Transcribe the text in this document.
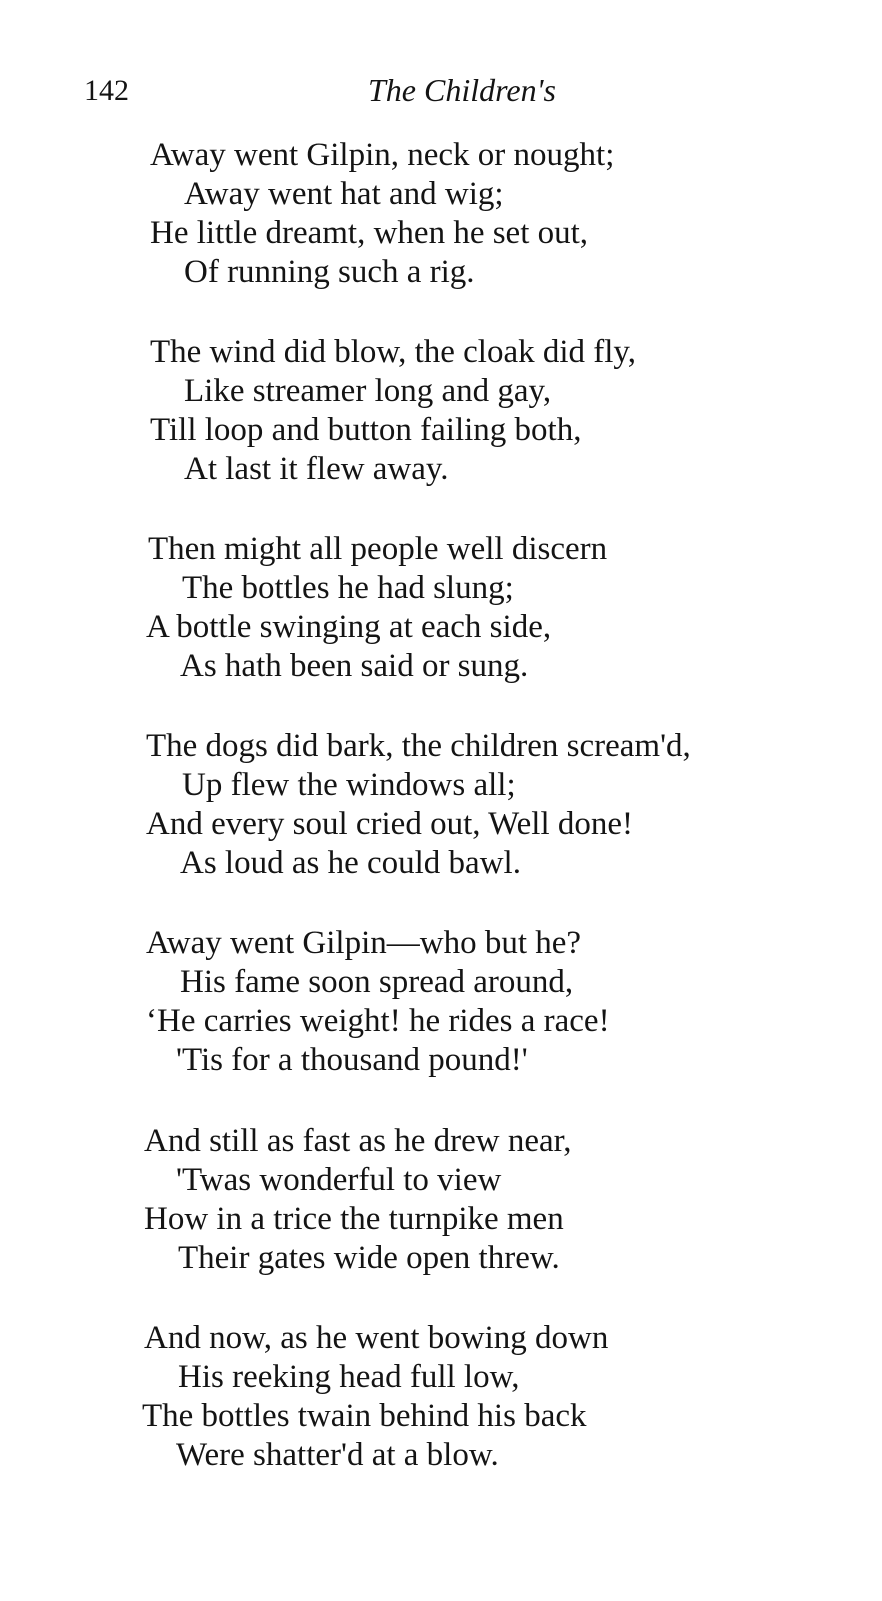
142	The Children's
Away went Gilpin, neck or nought;
Away went hat and wig;
He little dreamt, when he set out,
Of running such a rig.
The wind did blow, the cloak did fly,
Like streamer long and gay,
Till loop and button failing both,
At last it flew away.
Then might all people well discern
The bottles he had slung;
A bottle swinging at each side,
As hath been said or sung.
The dogs did bark, the children scream'd,
Up flew the windows all;
And every soul cried out, Well done!
As loud as he could bawl.
Away went Gilpin—who but he?
His fame soon spread around,
‘He carries weight! he rides a race!
'Tis for a thousand pound!'
And still as fast as he drew near,
'Twas wonderful to view
How in a trice the turnpike men
Their gates wide open threw.
And now, as he went bowing down
His reeking head full low,
The bottles twain behind his back
Were shatter'd at a blow.
